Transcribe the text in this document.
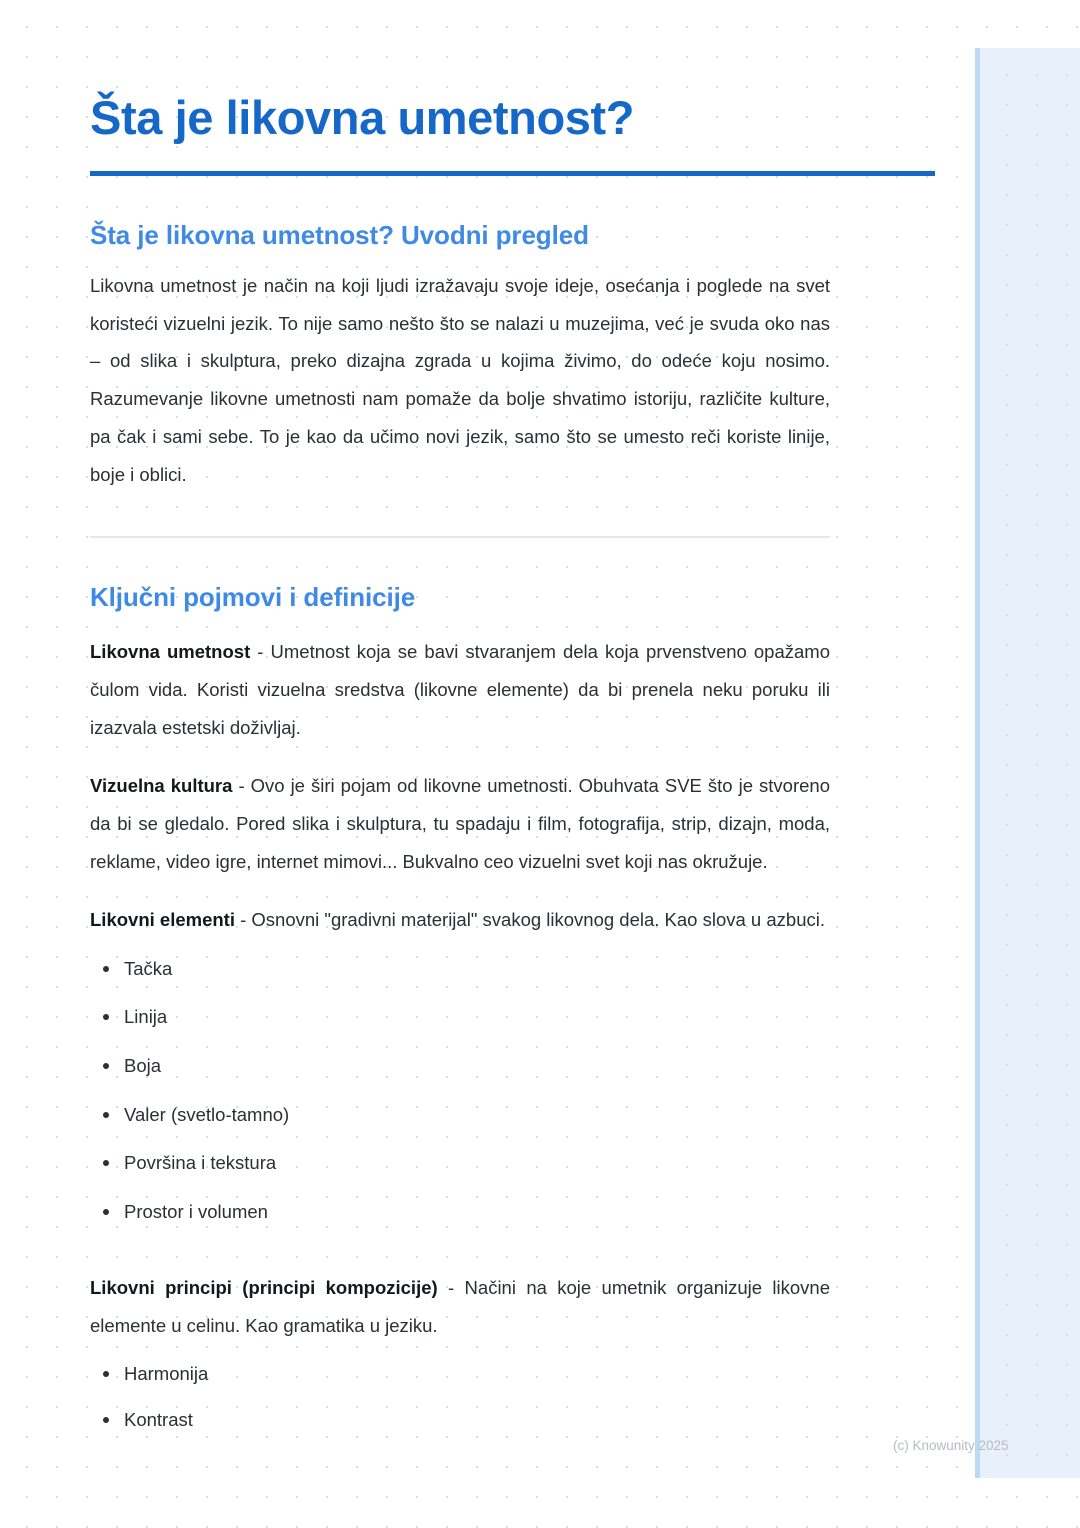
Šta je likovna umetnost?
Šta je likovna umetnost? Uvodni pregled

Likovna umetnost je način na koji ljudi izražavaju svoje ideje, osećanja i poglede na svet koristeći vizuelni jezik. To nije samo nešto što se nalazi u muzejima, već je svuda oko nas – od slika i skulptura, preko dizajna zgrada u kojima živimo, do odeće koju nosimo. Razumevanje likovne umetnosti nam pomaže da bolje shvatimo istoriju, različite kulture, pa čak i sami sebe. To je kao da učimo novi jezik, samo što se umesto reči koriste linije, boje i oblici.

Ključni pojmovi i definicije

Likovna umetnost - Umetnost koja se bavi stvaranjem dela koja prvenstveno opažamo čulom vida. Koristi vizuelna sredstva (likovne elemente) da bi prenela neku poruku ili izazvala estetski doživljaj.

Vizuelna kultura - Ovo je širi pojam od likovne umetnosti. Obuhvata SVE što je stvoreno da bi se gledalo. Pored slika i skulptura, tu spadaju i film, fotografija, strip, dizajn, moda, reklame, video igre, internet mimovi... Bukvalno ceo vizuelni svet koji nas okružuje.

Likovni elementi - Osnovni "gradivni materijal" svakog likovnog dela. Kao slova u azbuci.

Tačka
Linija
Boja
Valer (svetlo-tamno)
Površina i tekstura
Prostor i volumen

Likovni principi (principi kompozicije) - Načini na koje umetnik organizuje likovne elemente u celinu. Kao gramatika u jeziku.

Harmonija
Kontrast
(c) Knowunity 2025
